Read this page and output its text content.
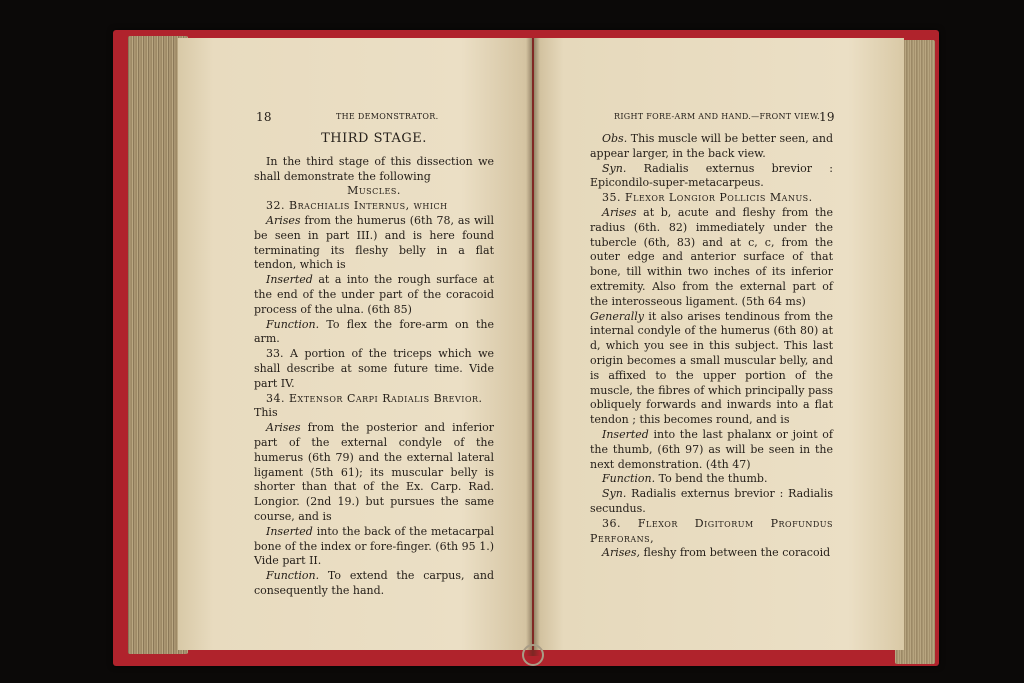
18	THE DEMONSTRATOR.

THIRD STAGE.

In the third stage of this dissection we shall demonstrate the following

Muscles.

32. Brachialis Internus, which

Arises from the humerus (6th 78, as will be seen in part III.) and is here found terminating its fleshy belly in a flat tendon, which is

Inserted at a into the rough surface at the end of the under part of the coracoid process of the ulna. (6th 85)

Function. To flex the fore-arm on the arm.

33. A portion of the triceps which we shall describe at some future time. Vide part IV.

34. Extensor Carpi Radialis Brevior.

This

Arises from the posterior and inferior part of the external condyle of the humerus (6th 79) and the external lateral ligament (5th 61); its muscular belly is shorter than that of the Ex. Carp. Rad. Longior. (2nd 19.) but pursues the same course, and is

Inserted into the back of the metacarpal bone of the index or fore-finger. (6th 95 1.) Vide part II.

Function. To extend the carpus, and consequently the hand.

RIGHT FORE-ARM AND HAND.—FRONT VIEW. 19

Obs. This muscle will be better seen, and appear larger, in the back view.

Syn. Radialis externus brevior : Epicondilo-super-metacarpeus.

35. Flexor Longior Pollicis Manus.

Arises at b, acute and fleshy from the radius (6th. 82) immediately under the tubercle (6th, 83) and at c, c, from the outer edge and anterior surface of that bone, till within two inches of its inferior extremity. Also from the external part of the interosseous ligament. (5th 64 ms)

Generally it also arises tendinous from the internal condyle of the humerus (6th 80) at d, which you see in this subject. This last origin becomes a small muscular belly, and is affixed to the upper portion of the muscle, the fibres of which principally pass obliquely forwards and inwards into a flat tendon ; this becomes round, and is

Inserted into the last phalanx or joint of the thumb, (6th 97) as will be seen in the next demonstration. (4th 47)

Function. To bend the thumb.

Syn. Radialis externus brevior : Radialis secundus.

36. Flexor Digitorum Profundus Perforans,

Arises, fleshy from between the coracoid
